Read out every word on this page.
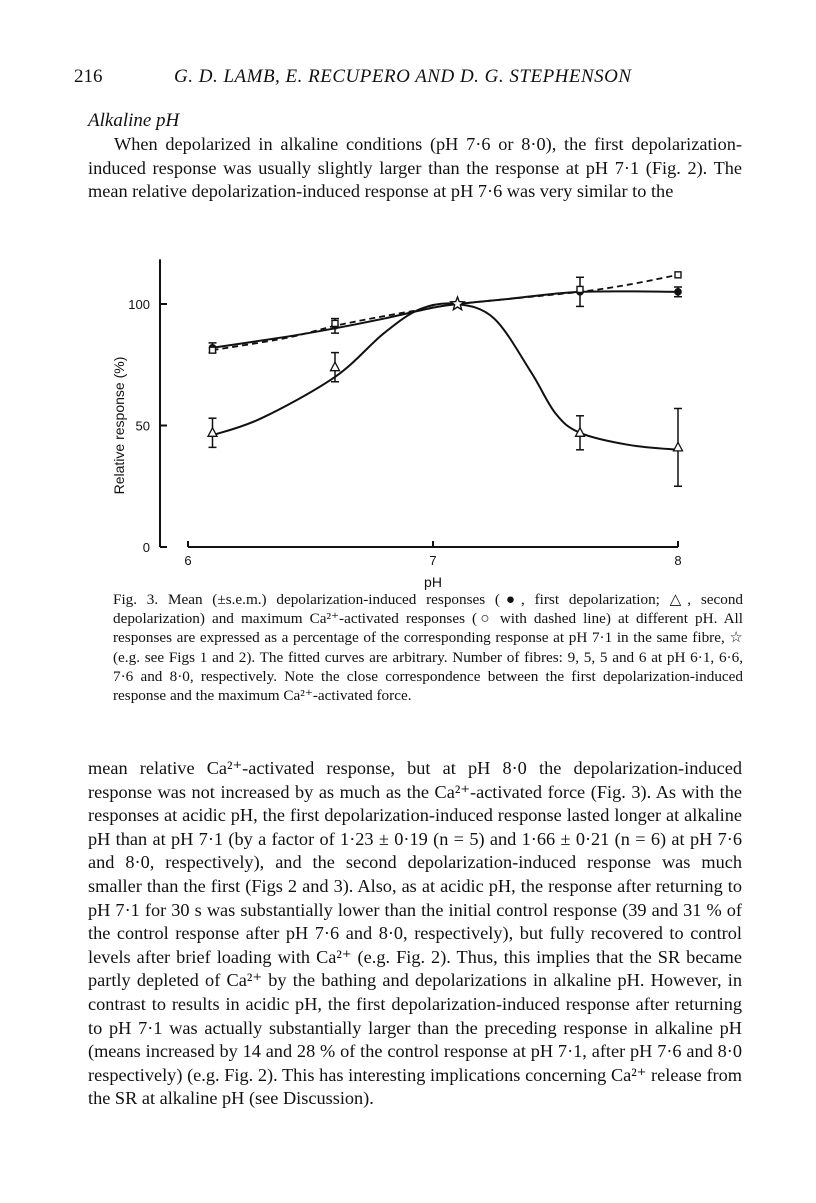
216	G. D. LAMB, E. RECUPERO AND D. G. STEPHENSON
Alkaline pH
When depolarized in alkaline conditions (pH 7·6 or 8·0), the first depolarization-induced response was usually slightly larger than the response at pH 7·1 (Fig. 2). The mean relative depolarization-induced response at pH 7·6 was very similar to the
0
50
100
6	7	8
pH
Relative response (%)
Fig. 3. Mean (±s.e.m.) depolarization-induced responses (●, first depolarization; △, second depolarization) and maximum Ca²⁺-activated responses (○ with dashed line) at different pH. All responses are expressed as a percentage of the corresponding response at pH 7·1 in the same fibre, ☆ (e.g. see Figs 1 and 2). The fitted curves are arbitrary. Number of fibres: 9, 5, 5 and 6 at pH 6·1, 6·6, 7·6 and 8·0, respectively. Note the close correspondence between the first depolarization-induced response and the maximum Ca²⁺-activated force.
mean relative Ca²⁺-activated response, but at pH 8·0 the depolarization-induced response was not increased by as much as the Ca²⁺-activated force (Fig. 3). As with the responses at acidic pH, the first depolarization-induced response lasted longer at alkaline pH than at pH 7·1 (by a factor of 1·23 ± 0·19 (n = 5) and 1·66 ± 0·21 (n = 6) at pH 7·6 and 8·0, respectively), and the second depolarization-induced response was much smaller than the first (Figs 2 and 3). Also, as at acidic pH, the response after returning to pH 7·1 for 30 s was substantially lower than the initial control response (39 and 31 % of the control response after pH 7·6 and 8·0, respectively), but fully recovered to control levels after brief loading with Ca²⁺ (e.g. Fig. 2). Thus, this implies that the SR became partly depleted of Ca²⁺ by the bathing and depolarizations in alkaline pH. However, in contrast to results in acidic pH, the first depolarization-induced response after returning to pH 7·1 was actually substantially larger than the preceding response in alkaline pH (means increased by 14 and 28 % of the control response at pH 7·1, after pH 7·6 and 8·0 respectively) (e.g. Fig. 2). This has interesting implications concerning Ca²⁺ release from the SR at alkaline pH (see Discussion).
